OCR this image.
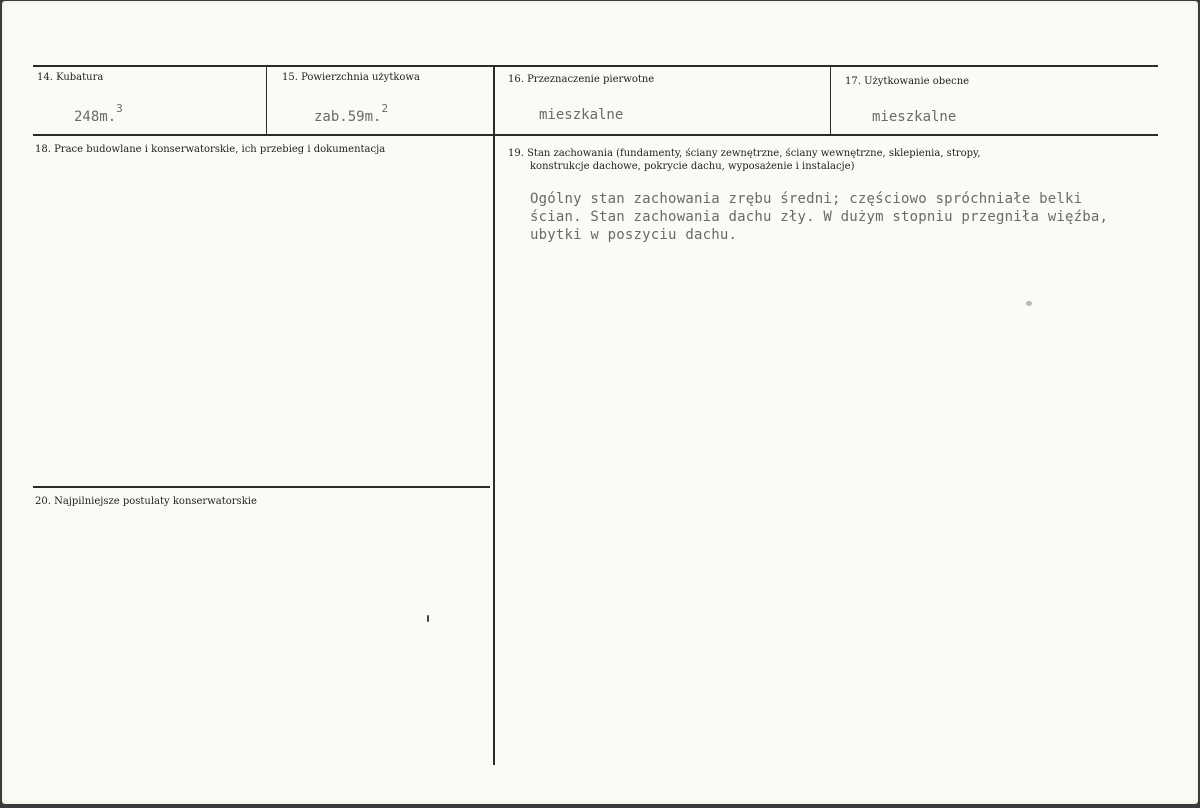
14. Kubatura
248m.$^3$
15. Powierzchnia użytkowa
zab.59m.$^2$
16. Przeznaczenie pierwotne
mieszkalne
17. Użytkowanie obecne
mieszkalne
18. Prace budowlane i konserwatorskie, ich przebieg i dokumentacja	19. Stan zachowania (fundamenty, ściany zewnętrzne, ściany wewnętrzne, sklepienia, stropy,
konstrukcje dachowe, pokrycie dachu, wyposażenie i instalacje)
Ogólny stan zachowania zrębu średni; częściowo spróchniałe belki ścian. Stan zachowania dachu zły. W dużym stopniu przegniła więźba, ubytki w poszyciu dachu.
20. Najpilniejsze postulaty konserwatorskie
